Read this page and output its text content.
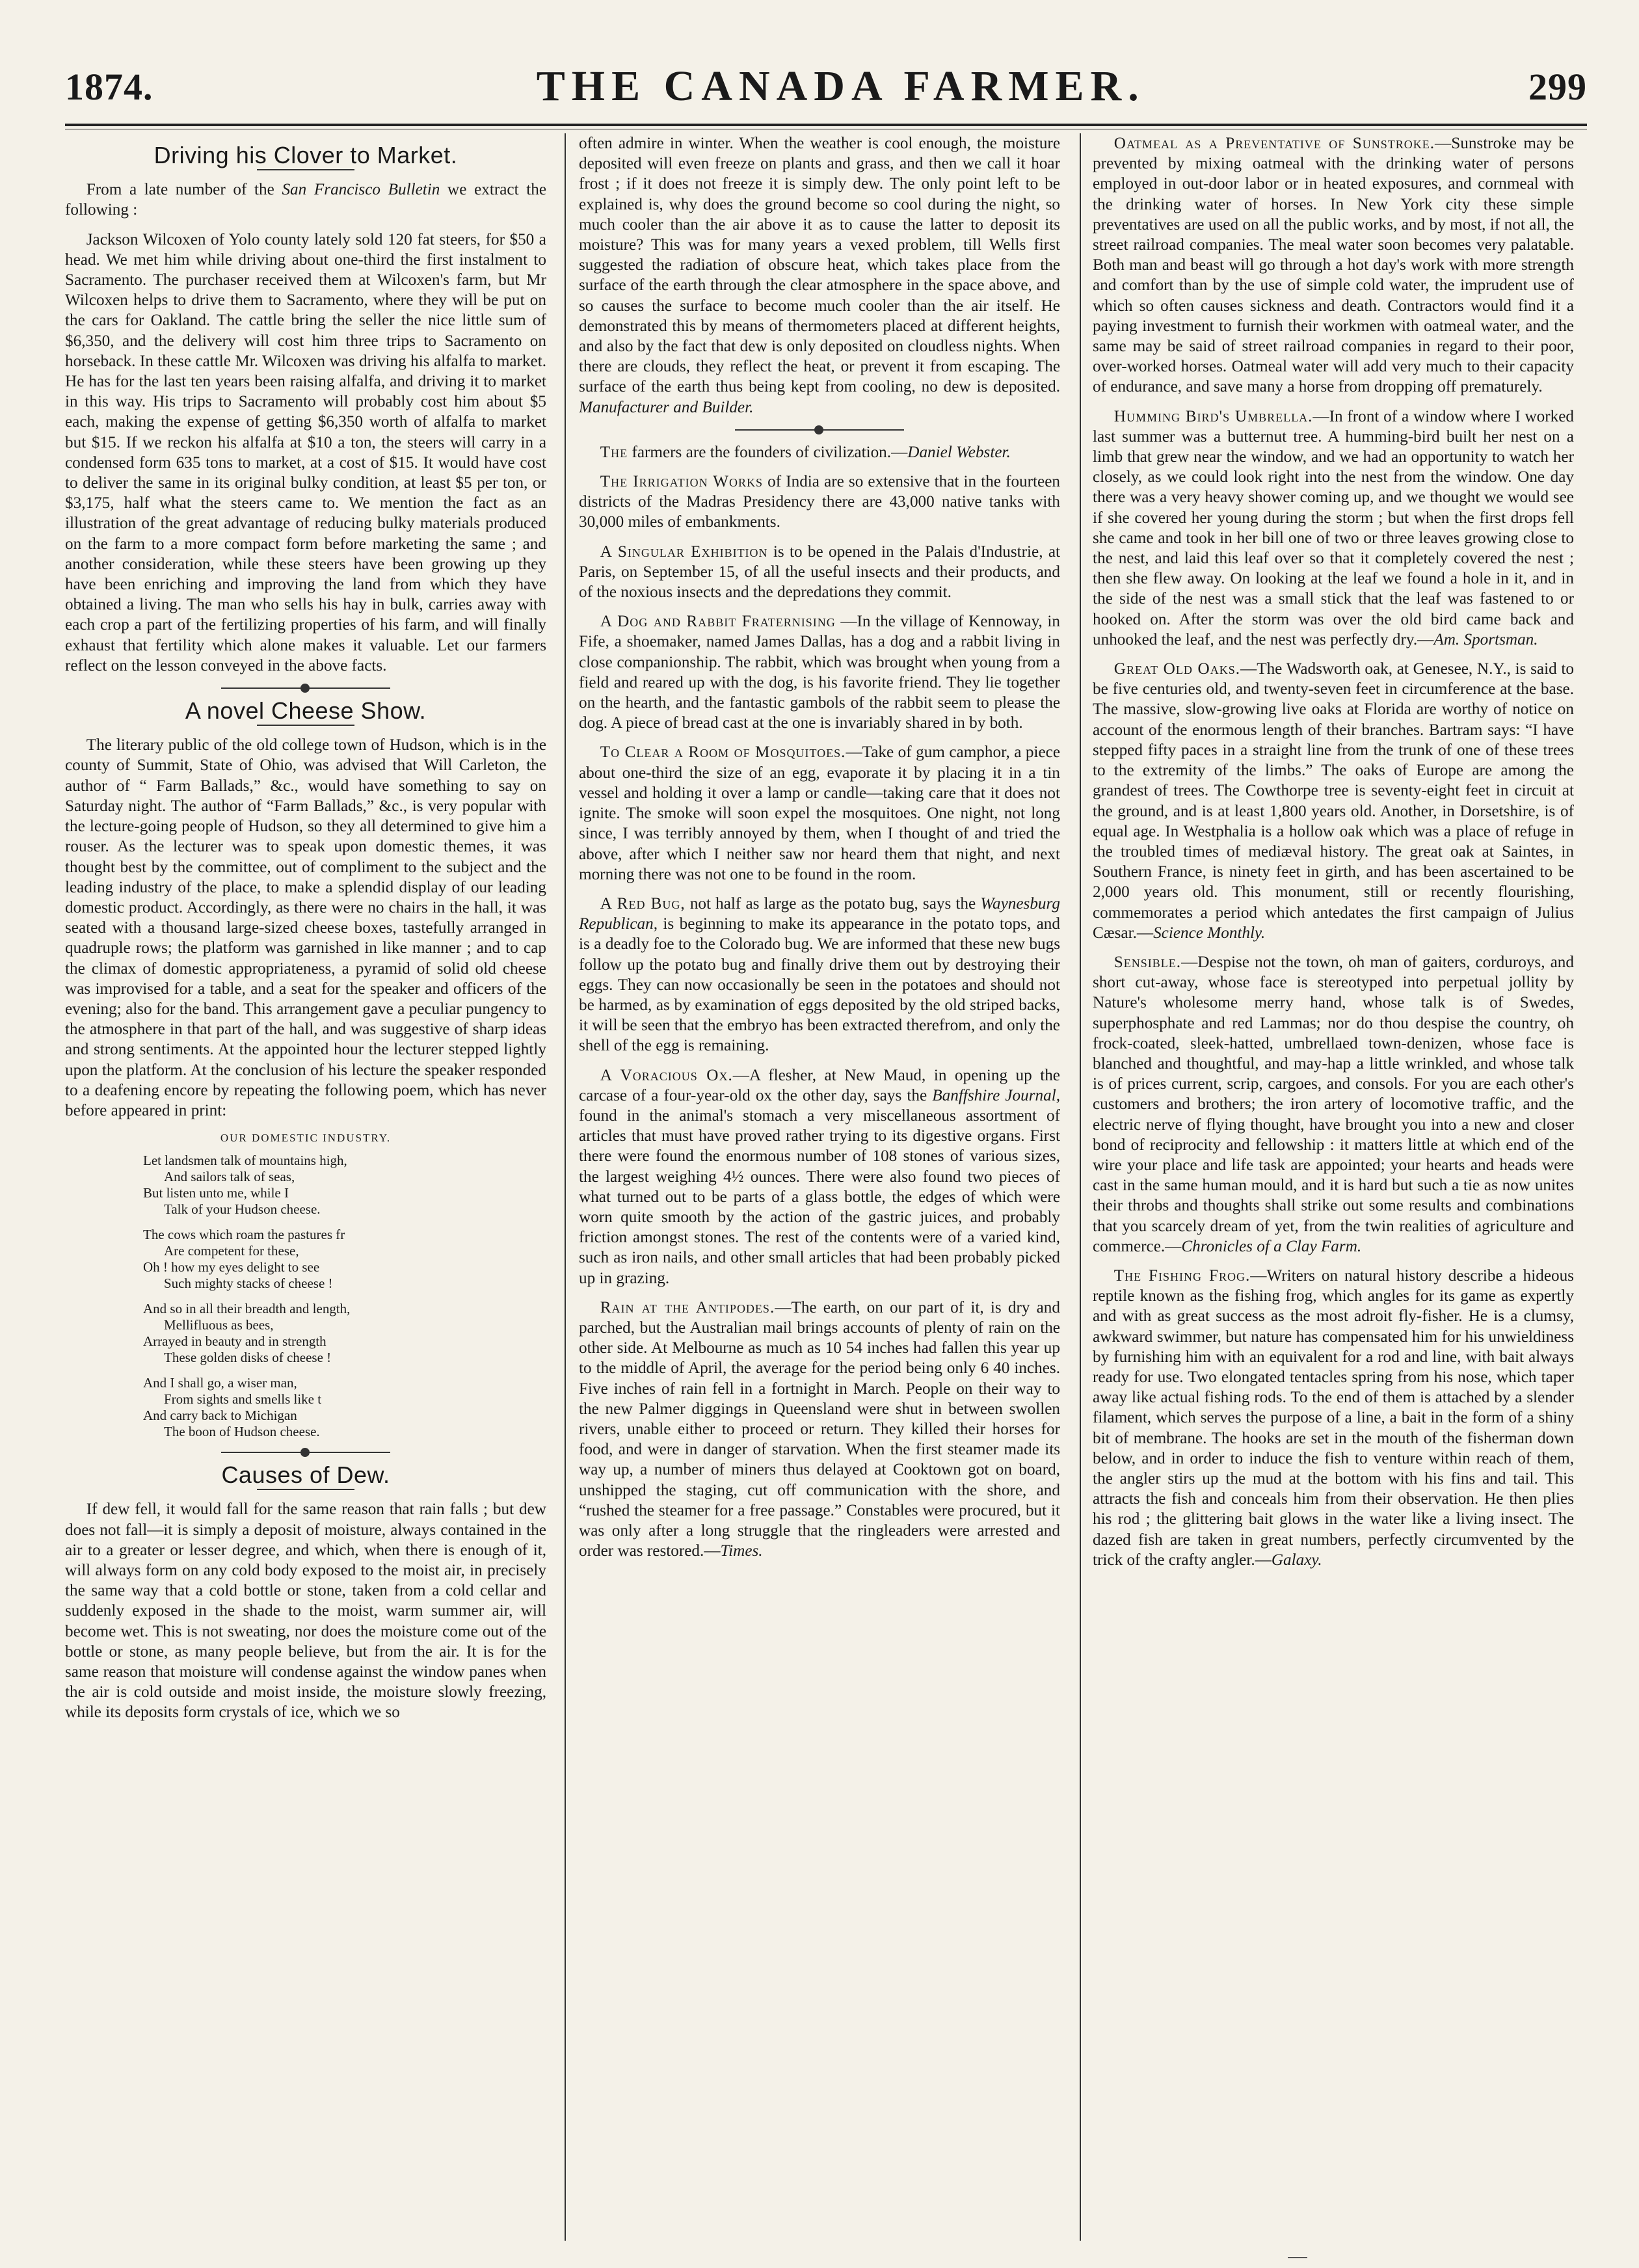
1874.	THE CANADA FARMER.	299
Driving his Clover to Market.

From a late number of the San Francisco Bulletin we extract the following :

Jackson Wilcoxen of Yolo county lately sold 120 fat steers, for $50 a head. We met him while driving about one-third the first instalment to Sacramento. The purchaser received them at Wilcoxen's farm, but Mr Wilcoxen helps to drive them to Sacramento, where they will be put on the cars for Oakland. The cattle bring the seller the nice little sum of $6,350, and the delivery will cost him three trips to Sacramento on horseback. In these cattle Mr. Wilcoxen was driving his alfalfa to market. He has for the last ten years been raising alfalfa, and driving it to market in this way. His trips to Sacramento will probably cost him about $5 each, making the expense of getting $6,350 worth of alfalfa to market but $15. If we reckon his alfalfa at $10 a ton, the steers will carry in a condensed form 635 tons to market, at a cost of $15. It would have cost to deliver the same in its original bulky condition, at least $5 per ton, or $3,175, half what the steers came to. We mention the fact as an illustration of the great advantage of reducing bulky materials produced on the farm to a more compact form before marketing the same ; and another consideration, while these steers have been growing up they have been enriching and improving the land from which they have obtained a living. The man who sells his hay in bulk, carries away with each crop a part of the fertilizing properties of his farm, and will finally exhaust that fertility which alone makes it valuable. Let our farmers reflect on the lesson conveyed in the above facts.

A novel Cheese Show.

The literary public of the old college town of Hudson, which is in the county of Summit, State of Ohio, was advised that Will Carleton, the author of “ Farm Ballads,” &c., would have something to say on Saturday night. The author of “Farm Ballads,” &c., is very popular with the lecture-going people of Hudson, so they all determined to give him a rouser. As the lecturer was to speak upon domestic themes, it was thought best by the committee, out of compliment to the subject and the leading industry of the place, to make a splendid display of our leading domestic product. Accordingly, as there were no chairs in the hall, it was seated with a thousand large-sized cheese boxes, tastefully arranged in quadruple rows; the platform was garnished in like manner ; and to cap the climax of domestic appropriateness, a pyramid of solid old cheese was improvised for a table, and a seat for the speaker and officers of the evening; also for the band. This arrangement gave a peculiar pungency to the atmosphere in that part of the hall, and was suggestive of sharp ideas and strong sentiments. At the appointed hour the lecturer stepped lightly upon the platform. At the conclusion of his lecture the speaker responded to a deafening encore by repeating the following poem, which has never before appeared in print:

OUR DOMESTIC INDUSTRY.
Let landsmen talk of mountains high,
And sailors talk of seas,
But listen unto me, while I
Talk of your Hudson cheese.
The cows which roam the pastures fr
Are competent for these,
Oh ! how my eyes delight to see
Such mighty stacks of cheese !
And so in all their breadth and length,
Mellifluous as bees,
Arrayed in beauty and in strength
These golden disks of cheese !
And I shall go, a wiser man,
From sights and smells like t
And carry back to Michigan
The boon of Hudson cheese.
Causes of Dew.

If dew fell, it would fall for the same reason that rain falls ; but dew does not fall—it is simply a deposit of moisture, always contained in the air to a greater or lesser degree, and which, when there is enough of it, will always form on any cold body exposed to the moist air, in precisely the same way that a cold bottle or stone, taken from a cold cellar and suddenly exposed in the shade to the moist, warm summer air, will become wet. This is not sweating, nor does the moisture come out of the bottle or stone, as many people believe, but from the air. It is for the same reason that moisture will condense against the window panes when the air is cold outside and moist inside, the moisture slowly freezing, while its deposits form crystals of ice, which we so

often admire in winter. When the weather is cool enough, the moisture deposited will even freeze on plants and grass, and then we call it hoar frost ; if it does not freeze it is simply dew. The only point left to be explained is, why does the ground become so cool during the night, so much cooler than the air above it as to cause the latter to deposit its moisture? This was for many years a vexed problem, till Wells first suggested the radiation of obscure heat, which takes place from the surface of the earth through the clear atmosphere in the space above, and so causes the surface to become much cooler than the air itself. He demonstrated this by means of thermometers placed at different heights, and also by the fact that dew is only deposited on cloudless nights. When there are clouds, they reflect the heat, or prevent it from escaping. The surface of the earth thus being kept from cooling, no dew is deposited. Manufacturer and Builder.

The farmers are the founders of civilization.—Daniel Webster.

The Irrigation Works of India are so extensive that in the fourteen districts of the Madras Presidency there are 43,000 native tanks with 30,000 miles of embankments.

A Singular Exhibition is to be opened in the Palais d'Industrie, at Paris, on September 15, of all the useful insects and their products, and of the noxious insects and the depredations they commit.

A Dog and Rabbit Fraternising —In the village of Kennoway, in Fife, a shoemaker, named James Dallas, has a dog and a rabbit living in close companionship. The rabbit, which was brought when young from a field and reared up with the dog, is his favorite friend. They lie together on the hearth, and the fantastic gambols of the rabbit seem to please the dog. A piece of bread cast at the one is invariably shared in by both.

To Clear a Room of Mosquitoes.—Take of gum camphor, a piece about one-third the size of an egg, evaporate it by placing it in a tin vessel and holding it over a lamp or candle—taking care that it does not ignite. The smoke will soon expel the mosquitoes. One night, not long since, I was terribly annoyed by them, when I thought of and tried the above, after which I neither saw nor heard them that night, and next morning there was not one to be found in the room.

A Red Bug, not half as large as the potato bug, says the Waynesburg Republican, is beginning to make its appearance in the potato tops, and is a deadly foe to the Colorado bug. We are informed that these new bugs follow up the potato bug and finally drive them out by destroying their eggs. They can now occasionally be seen in the potatoes and should not be harmed, as by examination of eggs deposited by the old striped backs, it will be seen that the embryo has been extracted therefrom, and only the shell of the egg is remaining.

A Voracious Ox.—A flesher, at New Maud, in opening up the carcase of a four-year-old ox the other day, says the Banffshire Journal, found in the animal's stomach a very miscellaneous assortment of articles that must have proved rather trying to its digestive organs. First there were found the enormous number of 108 stones of various sizes, the largest weighing 4½ ounces. There were also found two pieces of what turned out to be parts of a glass bottle, the edges of which were worn quite smooth by the action of the gastric juices, and probably friction amongst stones. The rest of the contents were of a varied kind, such as iron nails, and other small articles that had been probably picked up in grazing.

Rain at the Antipodes.—The earth, on our part of it, is dry and parched, but the Australian mail brings accounts of plenty of rain on the other side. At Melbourne as much as 10 54 inches had fallen this year up to the middle of April, the average for the period being only 6 40 inches. Five inches of rain fell in a fortnight in March. People on their way to the new Palmer diggings in Queensland were shut in between swollen rivers, unable either to proceed or return. They killed their horses for food, and were in danger of starvation. When the first steamer made its way up, a number of miners thus delayed at Cooktown got on board, unshipped the staging, cut off communication with the shore, and “rushed the steamer for a free passage.” Constables were procured, but it was only after a long struggle that the ringleaders were arrested and order was restored.—Times.

Oatmeal as a Preventative of Sunstroke.—Sunstroke may be prevented by mixing oatmeal with the drinking water of persons employed in out-door labor or in heated exposures, and cornmeal with the drinking water of horses. In New York city these simple preventatives are used on all the public works, and by most, if not all, the street railroad companies. The meal water soon becomes very palatable. Both man and beast will go through a hot day's work with more strength and comfort than by the use of simple cold water, the imprudent use of which so often causes sickness and death. Contractors would find it a paying investment to furnish their workmen with oatmeal water, and the same may be said of street railroad companies in regard to their poor, over-worked horses. Oatmeal water will add very much to their capacity of endurance, and save many a horse from dropping off prematurely.

Humming Bird's Umbrella.—In front of a window where I worked last summer was a butternut tree. A humming-bird built her nest on a limb that grew near the window, and we had an opportunity to watch her closely, as we could look right into the nest from the window. One day there was a very heavy shower coming up, and we thought we would see if she covered her young during the storm ; but when the first drops fell she came and took in her bill one of two or three leaves growing close to the nest, and laid this leaf over so that it completely covered the nest ; then she flew away. On looking at the leaf we found a hole in it, and in the side of the nest was a small stick that the leaf was fastened to or hooked on. After the storm was over the old bird came back and unhooked the leaf, and the nest was perfectly dry.—Am. Sportsman.

Great Old Oaks.—The Wadsworth oak, at Genesee, N.Y., is said to be five centuries old, and twenty-seven feet in circumference at the base. The massive, slow-growing live oaks at Florida are worthy of notice on account of the enormous length of their branches. Bartram says: “I have stepped fifty paces in a straight line from the trunk of one of these trees to the extremity of the limbs.” The oaks of Europe are among the grandest of trees. The Cowthorpe tree is seventy-eight feet in circuit at the ground, and is at least 1,800 years old. Another, in Dorsetshire, is of equal age. In Westphalia is a hollow oak which was a place of refuge in the troubled times of mediæval history. The great oak at Saintes, in Southern France, is ninety feet in girth, and has been ascertained to be 2,000 years old. This monument, still or recently flourishing, commemorates a period which antedates the first campaign of Julius Cæsar.—Science Monthly.

Sensible.—Despise not the town, oh man of gaiters, corduroys, and short cut-away, whose face is stereotyped into perpetual jollity by Nature's wholesome merry hand, whose talk is of Swedes, superphosphate and red Lammas; nor do thou despise the country, oh frock-coated, sleek-hatted, umbrellaed town-denizen, whose face is blanched and thoughtful, and may-hap a little wrinkled, and whose talk is of prices current, scrip, cargoes, and consols. For you are each other's customers and brothers; the iron artery of locomotive traffic, and the electric nerve of flying thought, have brought you into a new and closer bond of reciprocity and fellowship : it matters little at which end of the wire your place and life task are appointed; your hearts and heads were cast in the same human mould, and it is hard but such a tie as now unites their throbs and thoughts shall strike out some results and combinations that you scarcely dream of yet, from the twin realities of agriculture and commerce.—Chronicles of a Clay Farm.

The Fishing Frog.—Writers on natural history describe a hideous reptile known as the fishing frog, which angles for its game as expertly and with as great success as the most adroit fly-fisher. He is a clumsy, awkward swimmer, but nature has compensated him for his unwieldiness by furnishing him with an equivalent for a rod and line, with bait always ready for use. Two elongated tentacles spring from his nose, which taper away like actual fishing rods. To the end of them is attached by a slender filament, which serves the purpose of a line, a bait in the form of a shiny bit of membrane. The hooks are set in the mouth of the fisherman down below, and in order to induce the fish to venture within reach of them, the angler stirs up the mud at the bottom with his fins and tail. This attracts the fish and conceals him from their observation. He then plies his rod ; the glittering bait glows in the water like a living insect. The dazed fish are taken in great numbers, perfectly circumvented by the trick of the crafty angler.—Galaxy.
